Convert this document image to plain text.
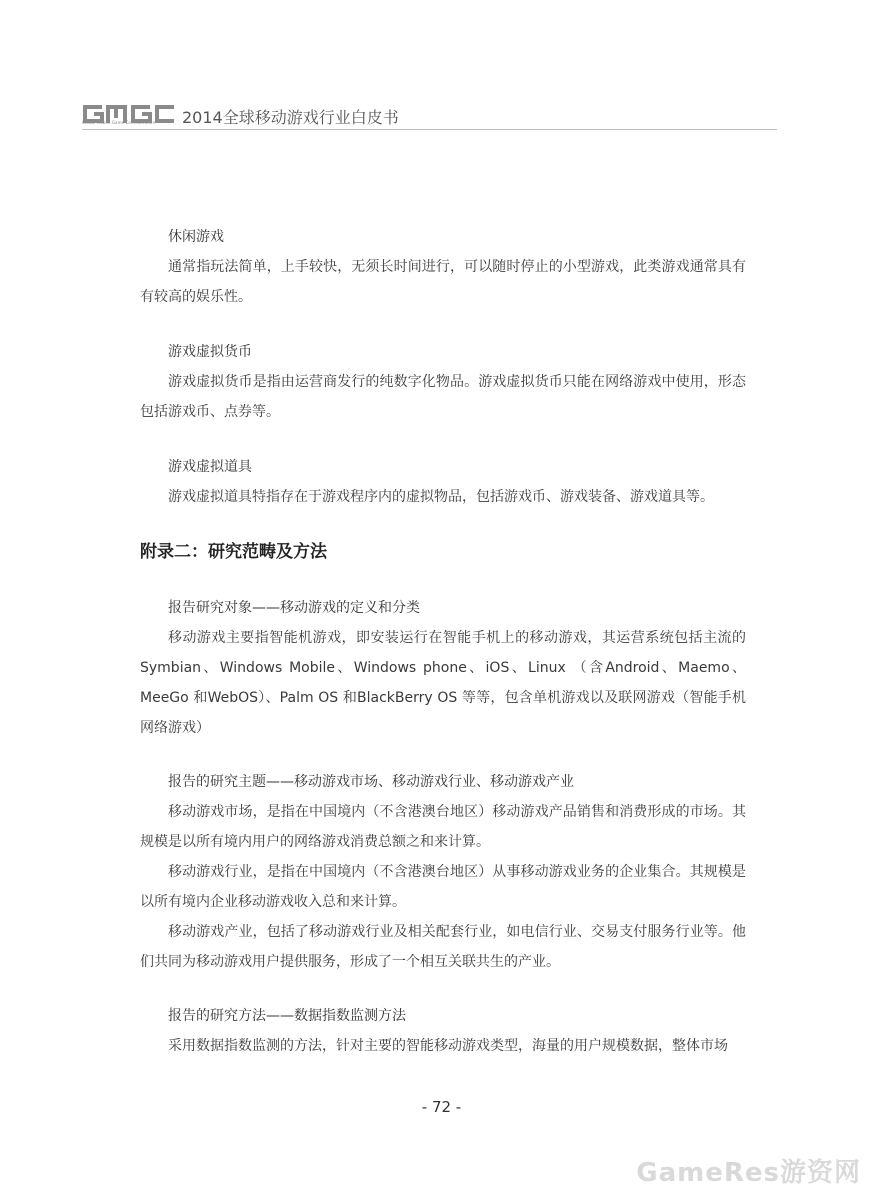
Global Mobile Game Confederation 2014全球移动游戏行业白皮书
休闲游戏
通常指玩法简单，上手较快，无须长时间进行，可以随时停止的小型游戏，此类游戏通常具有有较高的娱乐性。
游戏虚拟货币
游戏虚拟货币是指由运营商发行的纯数字化物品。游戏虚拟货币只能在网络游戏中使用，形态包括游戏币、点券等。
游戏虚拟道具
游戏虚拟道具特指存在于游戏程序内的虚拟物品，包括游戏币、游戏装备、游戏道具等。
附录二：研究范畴及方法
报告研究对象——移动游戏的定义和分类
移动游戏主要指智能机游戏，即安装运行在智能手机上的移动游戏，其运营系统包括主流的Symbian、Windows Mobile、Windows phone、iOS、Linux （含Android、Maemo、MeeGo 和WebOS）、Palm OS 和BlackBerry OS 等等，包含单机游戏以及联网游戏（智能手机网络游戏）
报告的研究主题——移动游戏市场、移动游戏行业、移动游戏产业
移动游戏市场，是指在中国境内（不含港澳台地区）移动游戏产品销售和消费形成的市场。其规模是以所有境内用户的网络游戏消费总额之和来计算。
移动游戏行业，是指在中国境内（不含港澳台地区）从事移动游戏业务的企业集合。其规模是以所有境内企业移动游戏收入总和来计算。
移动游戏产业，包括了移动游戏行业及相关配套行业，如电信行业、交易支付服务行业等。他们共同为移动游戏用户提供服务，形成了一个相互关联共生的产业。
报告的研究方法——数据指数监测方法
采用数据指数监测的方法，针对主要的智能移动游戏类型，海量的用户规模数据，整体市场
- 72 -
GameRes游资网
